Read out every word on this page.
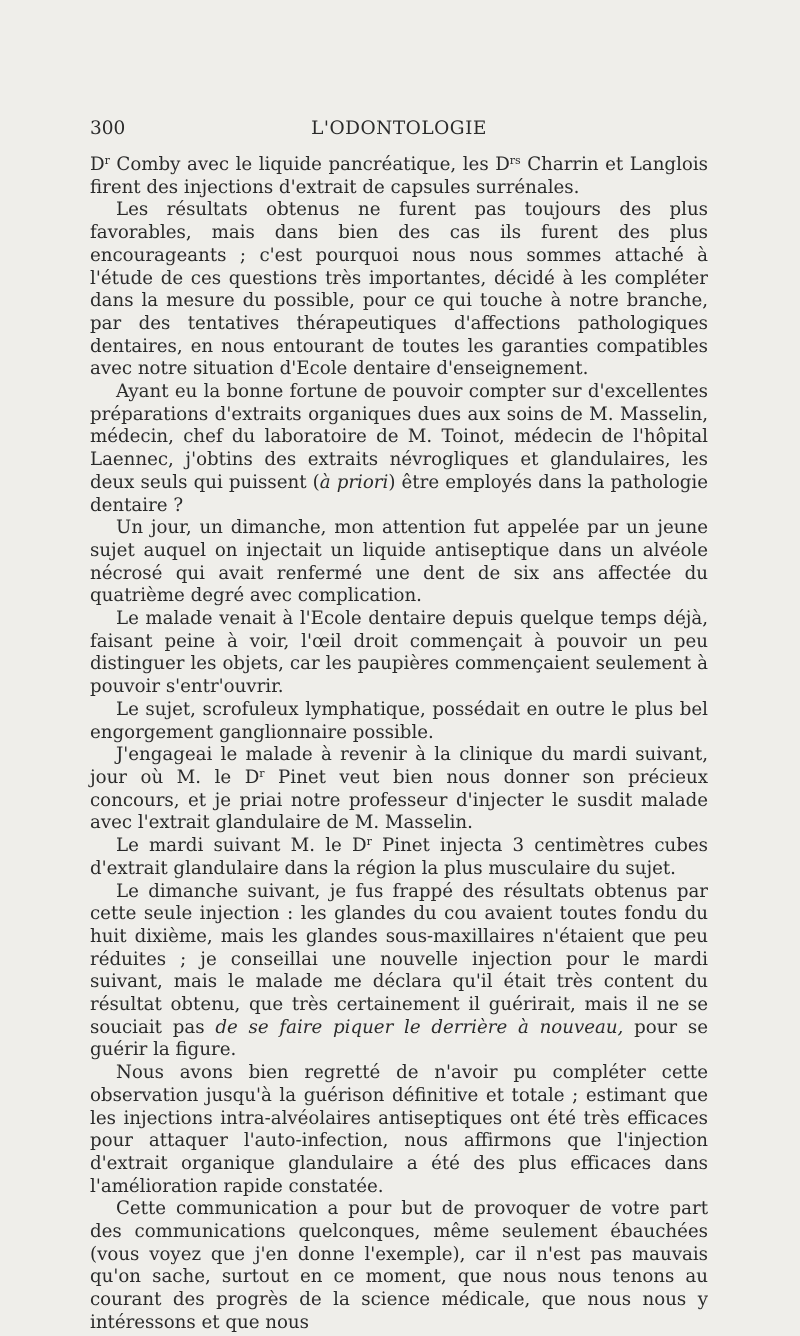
300	L'ODONTOLOGIE

$D^r$ Comby avec le liquide pancréatique, les $D^{rs}$ Charrin et Langlois firent des injections d'extrait de capsules surrénales.

Les résultats obtenus ne furent pas toujours des plus favorables, mais dans bien des cas ils furent des plus encourageants ; c'est pourquoi nous nous sommes attaché à l'étude de ces questions très importantes, décidé à les compléter dans la mesure du possible, pour ce qui touche à notre branche, par des tentatives thérapeutiques d'affections pathologiques dentaires, en nous entourant de toutes les garanties compatibles avec notre situation d'Ecole dentaire d'enseignement.

Ayant eu la bonne fortune de pouvoir compter sur d'excellentes préparations d'extraits organiques dues aux soins de M. Masselin, médecin, chef du laboratoire de M. Toinot, médecin de l'hôpital Laennec, j'obtins des extraits névrogliques et glandulaires, les deux seuls qui puissent (à priori) être employés dans la pathologie dentaire ?

Un jour, un dimanche, mon attention fut appelée par un jeune sujet auquel on injectait un liquide antiseptique dans un alvéole nécrosé qui avait renfermé une dent de six ans affectée du quatrième degré avec complication.

Le malade venait à l'Ecole dentaire depuis quelque temps déjà, faisant peine à voir, l'œil droit commençait à pouvoir un peu distinguer les objets, car les paupières commençaient seulement à pouvoir s'entr'ouvrir.

Le sujet, scrofuleux lymphatique, possédait en outre le plus bel engorgement ganglionnaire possible.

J'engageai le malade à revenir à la clinique du mardi suivant, jour où M. le $D^r$ Pinet veut bien nous donner son précieux concours, et je priai notre professeur d'injecter le susdit malade avec l'extrait glandulaire de M. Masselin.

Le mardi suivant M. le $D^r$ Pinet injecta 3 centimètres cubes d'extrait glandulaire dans la région la plus musculaire du sujet.

Le dimanche suivant, je fus frappé des résultats obtenus par cette seule injection : les glandes du cou avaient toutes fondu du huit dixième, mais les glandes sous-maxillaires n'étaient que peu réduites ; je conseillai une nouvelle injection pour le mardi suivant, mais le malade me déclara qu'il était très content du résultat obtenu, que très certainement il guérirait, mais il ne se souciait pas de se faire piquer le derrière à nouveau, pour se guérir la figure.

Nous avons bien regretté de n'avoir pu compléter cette observation jusqu'à la guérison définitive et totale ; estimant que les injections intra-alvéolaires antiseptiques ont été très efficaces pour attaquer l'auto-infection, nous affirmons que l'injection d'extrait organique glandulaire a été des plus efficaces dans l'amélioration rapide constatée.

Cette communication a pour but de provoquer de votre part des communications quelconques, même seulement ébauchées (vous voyez que j'en donne l'exemple), car il n'est pas mauvais qu'on sache, surtout en ce moment, que nous nous tenons au courant des progrès de la science médicale, que nous nous y intéressons et que nous
